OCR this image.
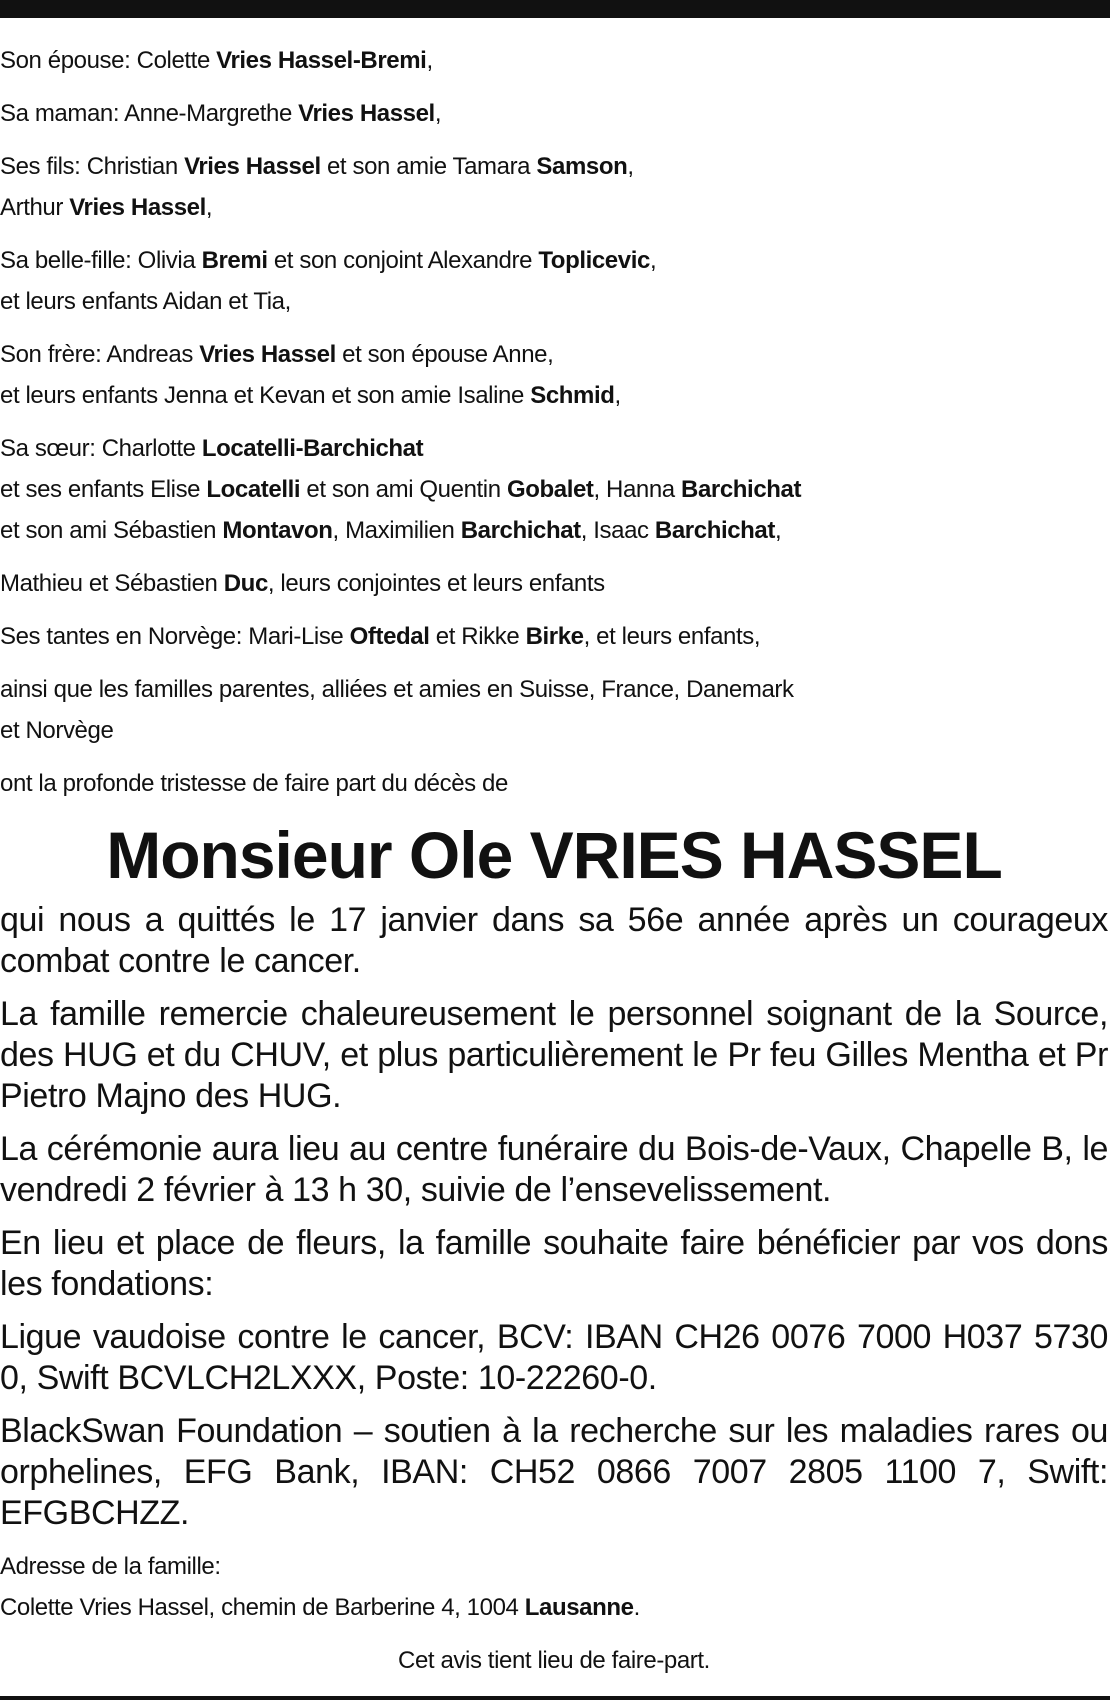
Son épouse: Colette Vries Hassel-Bremi,
Sa maman: Anne-Margrethe Vries Hassel,
Ses fils: Christian Vries Hassel et son amie Tamara Samson,
Arthur Vries Hassel,
Sa belle-fille: Olivia Bremi et son conjoint Alexandre Toplicevic,
et leurs enfants Aidan et Tia,
Son frère: Andreas Vries Hassel et son épouse Anne,
et leurs enfants Jenna et Kevan et son amie Isaline Schmid,
Sa sœur: Charlotte Locatelli-Barchichat
et ses enfants Elise Locatelli et son ami Quentin Gobalet, Hanna Barchichat
et son ami Sébastien Montavon, Maximilien Barchichat, Isaac Barchichat,
Mathieu et Sébastien Duc, leurs conjointes et leurs enfants
Ses tantes en Norvège: Mari-Lise Oftedal et Rikke Birke, et leurs enfants,
ainsi que les familles parentes, alliées et amies en Suisse, France, Danemark
et Norvège
ont la profonde tristesse de faire part du décès de
Monsieur Ole VRIES HASSEL
qui nous a quittés le 17 janvier dans sa 56e année après un courageux combat contre le cancer.
La famille remercie chaleureusement le personnel soignant de la Source, des HUG et du CHUV, et plus particulièrement le Pr feu Gilles Mentha et Pr Pietro Majno des HUG.
La cérémonie aura lieu au centre funéraire du Bois-de-Vaux, Chapelle B, le vendredi 2 février à 13 h 30, suivie de l’ensevelissement.
En lieu et place de fleurs, la famille souhaite faire bénéficier par vos dons les fondations:
Ligue vaudoise contre le cancer, BCV: IBAN CH26 0076 7000 H037 5730 0, Swift BCVLCH2LXXX, Poste: 10-22260-0.
BlackSwan Foundation – soutien à la recherche sur les maladies rares ou orphelines, EFG Bank, IBAN: CH52 0866 7007 2805 1100 7, Swift: EFGBCHZZ.
Adresse de la famille:
Colette Vries Hassel, chemin de Barberine 4, 1004 Lausanne.
Cet avis tient lieu de faire-part.
